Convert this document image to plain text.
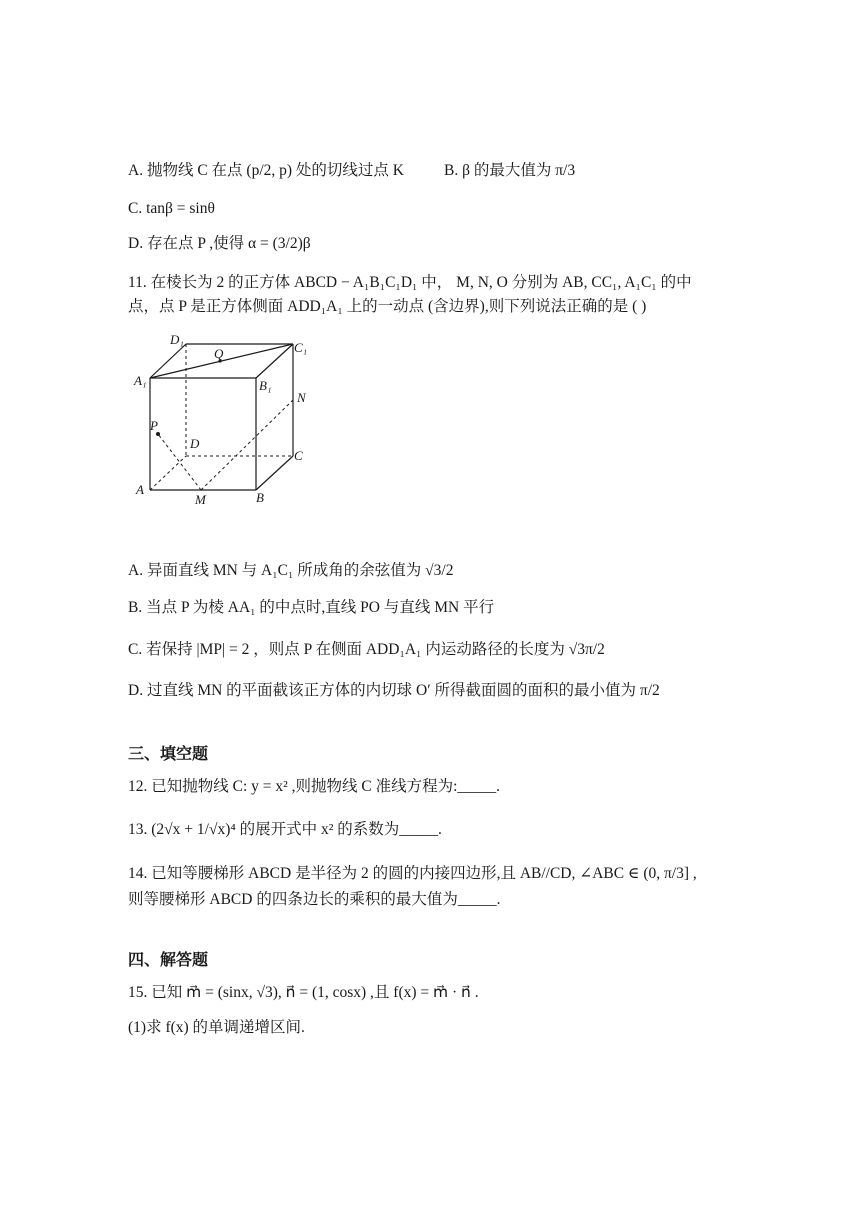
A. 抛物线 C 在点 (p/2, p) 处的切线过点 K	B. β 的最大值为 π/3
C. tanβ = sinθ
D. 存在点 P ,使得 α = (3/2)β
11. 在棱长为 2 的正方体 ABCD − A₁B₁C₁D₁ 中， M, N, O 分别为 AB, CC₁, A₁C₁ 的中
点，点 P 是正方体侧面 ADD₁A₁ 上的一动点 (含边界),则下列说法正确的是 ( )
D₁
C₁
A₁	B₁
Q
N
P
D
C
A
M	B
A. 异面直线 MN 与 A₁C₁ 所成角的余弦值为 √3/2
B. 当点 P 为棱 AA₁ 的中点时,直线 PO 与直线 MN 平行
C. 若保持 |MP| = 2 ，则点 P 在侧面 ADD₁A₁ 内运动路径的长度为 √3π/2
D. 过直线 MN 的平面截该正方体的内切球 O′ 所得截面圆的面积的最小值为 π/2
三、填空题
12. 已知抛物线 C: y = x² ,则抛物线 C 准线方程为:_____.
13. (2√x + 1/√x)⁴ 的展开式中 x² 的系数为_____.
14. 已知等腰梯形 ABCD 是半径为 2 的圆的内接四边形,且 AB//CD, ∠ABC ∈ (0, π/3] ,
则等腰梯形 ABCD 的四条边长的乘积的最大值为_____.
四、解答题
15. 已知 m⃗ = (sinx, √3), n⃗ = (1, cosx) ,且 f(x) = m⃗ · n⃗ .
(1)求 f(x) 的单调递增区间.
